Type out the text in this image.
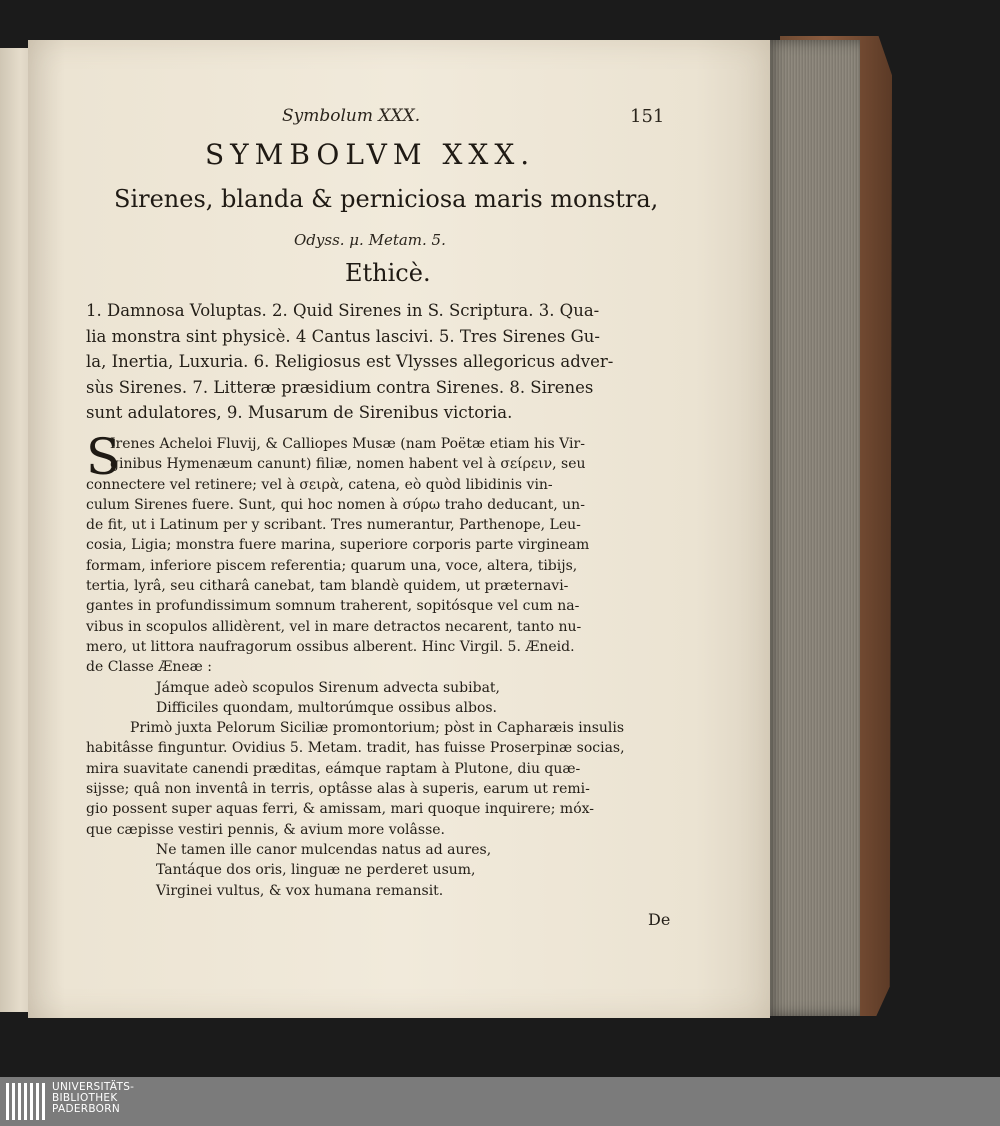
Symbolum XXX.	151
SYMBOLVM XXX.
Sirenes, blanda & perniciosa maris monstra,
Odyss. μ. Metam. 5.
Ethicè.
1. Damnosa Voluptas. 2. Quid Sirenes in S. Scriptura. 3. Qua-
lia monstra sint physicè. 4 Cantus lascivi. 5. Tres Sirenes Gu-
la, Inertia, Luxuria. 6. Religiosus est Vlysses allegoricus adver-
sùs Sirenes. 7. Litteræ præsidium contra Sirenes. 8. Sirenes
sunt adulatores, 9. Musarum de Sirenibus victoria.
S
Irenes Acheloi Fluvij, & Calliopes Musæ (nam Poëtæ etiam his Vir-
ginibus Hymenæum canunt) filiæ, nomen habent vel à σείρειν, seu
connectere vel retinere; vel à σειρὰ, catena, eò quòd libidinis vin-
culum Sirenes fuere. Sunt, qui hoc nomen à σύρω traho deducant, un-
de fit, ut i Latinum per y scribant. Tres numerantur, Parthenope, Leu-
cosia, Ligia; monstra fuere marina, superiore corporis parte virgineam
formam, inferiore piscem referentia; quarum una, voce, altera, tibijs,
tertia, lyrâ, seu citharâ canebat, tam blandè quidem, ut præternavi-
gantes in profundissimum somnum traherent, sopitósque vel cum na-
vibus in scopulos allidèrent, vel in mare detractos necarent, tanto nu-
mero, ut littora naufragorum ossibus alberent. Hinc Virgil. 5. Æneid.
de Classe Æneæ :
Jámque adeò scopulos Sirenum advecta subibat,
Difficiles quondam, multorúmque ossibus albos.
Primò juxta Pelorum Siciliæ promontorium; pòst in Capharæis insulis
habitâsse finguntur. Ovidius 5. Metam. tradit, has fuisse Proserpinæ socias,
mira suavitate canendi præditas, eámque raptam à Plutone, diu quæ-
sijsse; quâ non inventâ in terris, optâsse alas à superis, earum ut remi-
gio possent super aquas ferri, & amissam, mari quoque inquirere; móx-
que cæpisse vestiri pennis, & avium more volâsse.
Ne tamen ille canor mulcendas natus ad aures,
Tantáque dos oris, linguæ ne perderet usum,
Virginei vultus, & vox humana remansit.
De
UNIVERSITÄTS-
BIBLIOTHEK
PADERBORN
